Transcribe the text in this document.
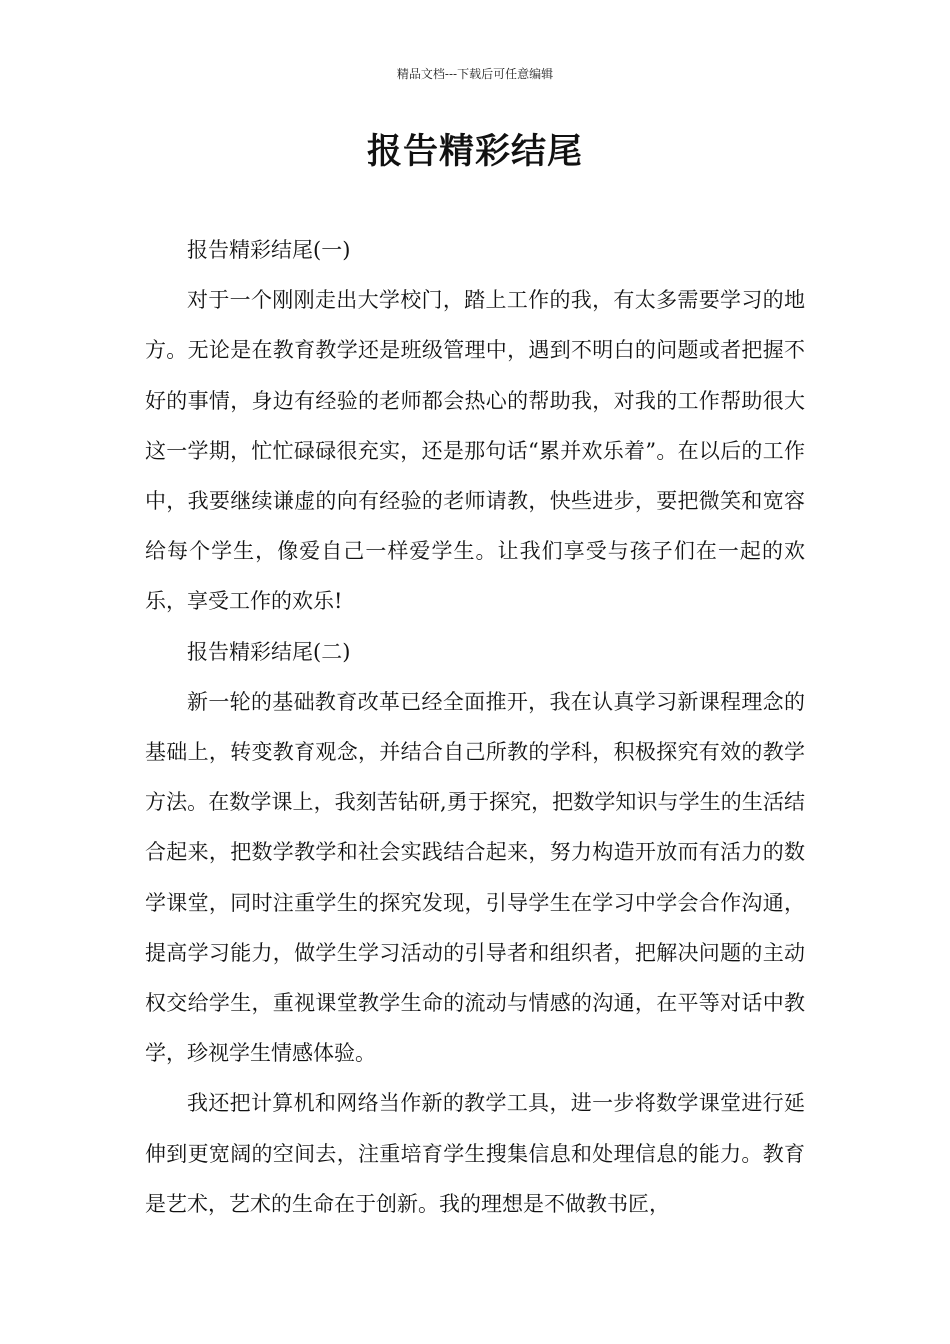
精品文档---下载后可任意编辑
报告精彩结尾

报告精彩结尾(一)

对于一个刚刚走出大学校门，踏上工作的我，有太多需要学习的地方。无论是在教育教学还是班级管理中，遇到不明白的问题或者把握不好的事情，身边有经验的老师都会热心的帮助我，对我的工作帮助很大这一学期，忙忙碌碌很充实，还是那句话“累并欢乐着”。在以后的工作中，我要继续谦虚的向有经验的老师请教，快些进步，要把微笑和宽容给每个学生，像爱自己一样爱学生。让我们享受与孩子们在一起的欢乐，享受工作的欢乐!

报告精彩结尾(二)

新一轮的基础教育改革已经全面推开，我在认真学习新课程理念的基础上，转变教育观念，并结合自己所教的学科，积极探究有效的教学方法。在数学课上，我刻苦钻研,勇于探究，把数学知识与学生的生活结合起来，把数学教学和社会实践结合起来，努力构造开放而有活力的数学课堂，同时注重学生的探究发现，引导学生在学习中学会合作沟通，提高学习能力，做学生学习活动的引导者和组织者，把解决问题的主动权交给学生，重视课堂教学生命的流动与情感的沟通，在平等对话中教学，珍视学生情感体验。

我还把计算机和网络当作新的教学工具，进一步将数学课堂进行延伸到更宽阔的空间去，注重培育学生搜集信息和处理信息的能力。教育是艺术，艺术的生命在于创新。我的理想是不做教书匠，
